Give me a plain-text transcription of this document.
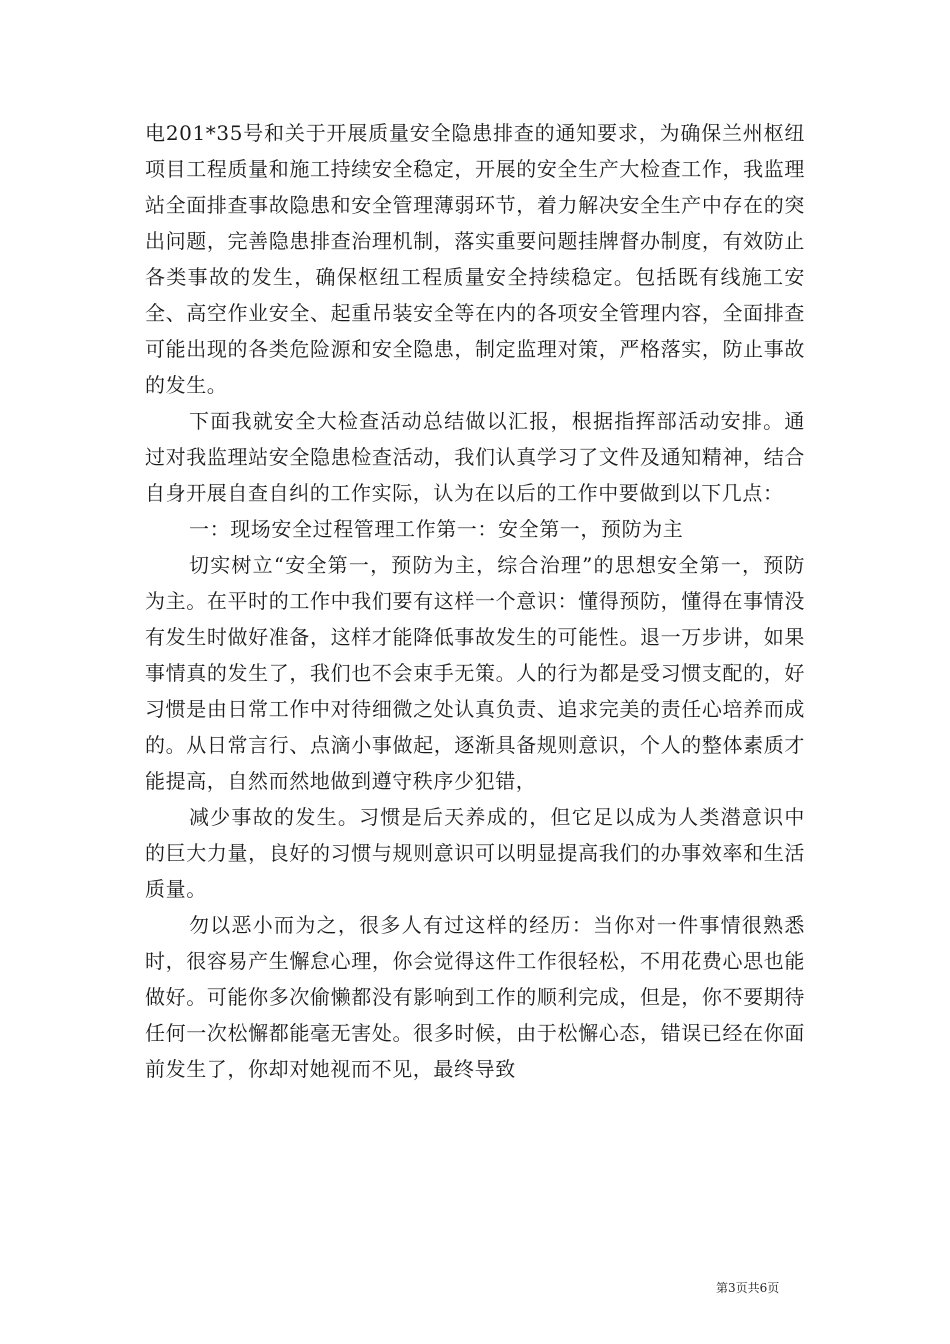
电201*35号和关于开展质量安全隐患排查的通知要求，为确保兰州枢纽项目工程质量和施工持续安全稳定，开展的安全生产大检查工作，我监理站全面排查事故隐患和安全管理薄弱环节，着力解决安全生产中存在的突出问题，完善隐患排查治理机制，落实重要问题挂牌督办制度，有效防止各类事故的发生，确保枢纽工程质量安全持续稳定。包括既有线施工安全、高空作业安全、起重吊装安全等在内的各项安全管理内容，全面排查可能出现的各类危险源和安全隐患，制定监理对策，严格落实，防止事故的发生。

下面我就安全大检查活动总结做以汇报，根据指挥部活动安排。通过对我监理站安全隐患检查活动，我们认真学习了文件及通知精神，结合自身开展自查自纠的工作实际，认为在以后的工作中要做到以下几点：

一：现场安全过程管理工作第一：安全第一，预防为主

切实树立“安全第一，预防为主，综合治理”的思想安全第一，预防为主。在平时的工作中我们要有这样一个意识：懂得预防，懂得在事情没有发生时做好准备，这样才能降低事故发生的可能性。退一万步讲，如果事情真的发生了，我们也不会束手无策。人的行为都是受习惯支配的，好习惯是由日常工作中对待细微之处认真负责、追求完美的责任心培养而成的。从日常言行、点滴小事做起，逐渐具备规则意识，个人的整体素质才能提高，自然而然地做到遵守秩序少犯错，

减少事故的发生。习惯是后天养成的，但它足以成为人类潜意识中的巨大力量，良好的习惯与规则意识可以明显提高我们的办事效率和生活质量。

勿以恶小而为之，很多人有过这样的经历：当你对一件事情很熟悉时，很容易产生懈怠心理，你会觉得这件工作很轻松，不用花费心思也能做好。可能你多次偷懒都没有影响到工作的顺利完成，但是，你不要期待任何一次松懈都能毫无害处。很多时候，由于松懈心态，错误已经在你面前发生了，你却对她视而不见，最终导致

第3页共6页
